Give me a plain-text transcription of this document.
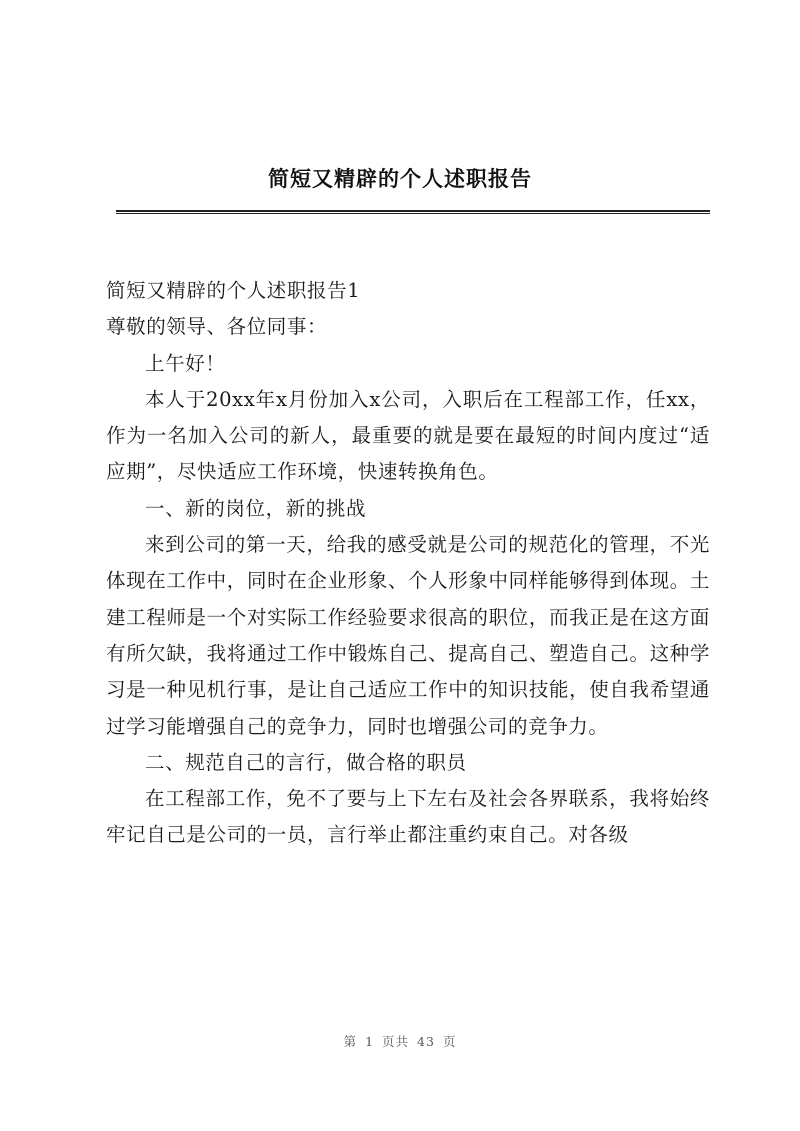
简短又精辟的个人述职报告

简短又精辟的个人述职报告1

尊敬的领导、各位同事：

上午好！

本人于20xx年x月份加入x公司，入职后在工程部工作，任xx，作为一名加入公司的新人，最重要的就是要在最短的时间内度过“适应期”，尽快适应工作环境，快速转换角色。

一、新的岗位，新的挑战

来到公司的第一天，给我的感受就是公司的规范化的管理，不光体现在工作中，同时在企业形象、个人形象中同样能够得到体现。土建工程师是一个对实际工作经验要求很高的职位，而我正是在这方面有所欠缺，我将通过工作中锻炼自己、提高自己、塑造自己。这种学习是一种见机行事，是让自己适应工作中的知识技能，使自我希望通过学习能增强自己的竞争力，同时也增强公司的竞争力。

二、规范自己的言行，做合格的职员

在工程部工作，免不了要与上下左右及社会各界联系，我将始终牢记自己是公司的一员，言行举止都注重约束自己。对各级

第 1 页共 43 页
